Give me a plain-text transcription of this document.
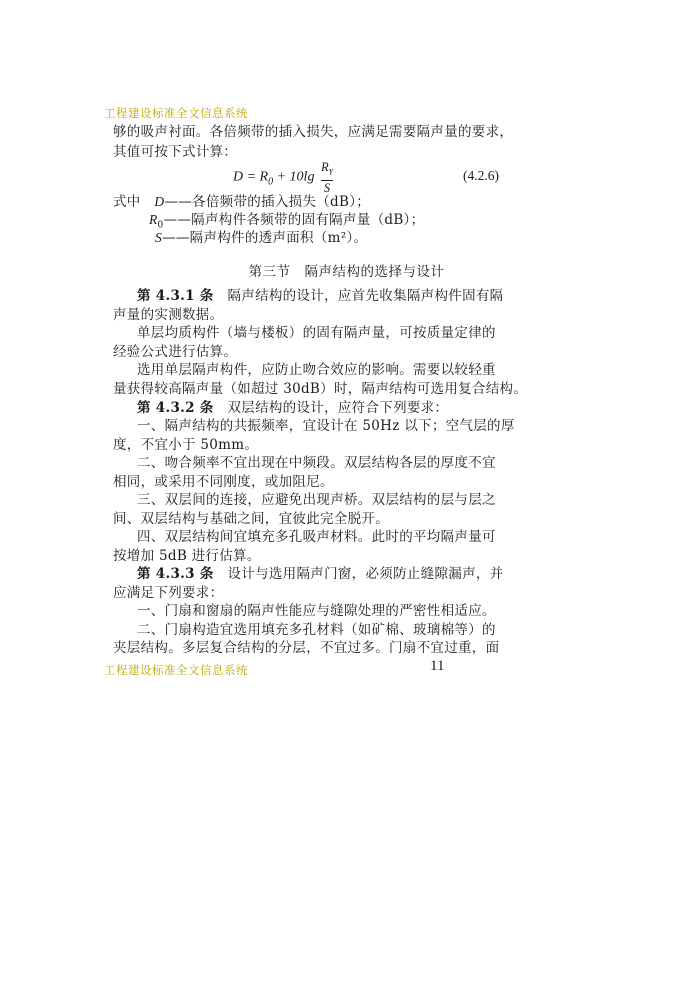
工程建设标准全文信息系统
够的吸声衬面。各倍频带的插入损失，应满足需要隔声量的要求，
其值可按下式计算：
$D = R_0 + 10\lg \frac{R_Y}{S}$	(4.2.6)
式中 D——各倍频带的插入损失（dB）；
$R_0——$隔声构件各频带的固有隔声量（dB）；
S——隔声构件的透声面积（m²）。
第三节　隔声结构的选择与设计
第 4.3.1 条 隔声结构的设计，应首先收集隔声构件固有隔
声量的实测数据。
单层均质构件（墙与楼板）的固有隔声量，可按质量定律的
经验公式进行估算。
选用单层隔声构件，应防止吻合效应的影响。需要以较轻重
量获得较高隔声量（如超过 30dB）时，隔声结构可选用复合结构。
第 4.3.2 条 双层结构的设计，应符合下列要求：
一、隔声结构的共振频率，宜设计在 50Hz 以下；空气层的厚
度，不宜小于 50mm。
二、吻合频率不宜出现在中频段。双层结构各层的厚度不宜
相同，或采用不同刚度，或加阻尼。
三、双层间的连接，应避免出现声桥。双层结构的层与层之
间、双层结构与基础之间，宜彼此完全脱开。
四、双层结构间宜填充多孔吸声材料。此时的平均隔声量可
按增加 5dB 进行估算。
第 4.3.3 条 设计与选用隔声门窗，必须防止缝隙漏声，并
应满足下列要求：
一、门扇和窗扇的隔声性能应与缝隙处理的严密性相适应。
二、门扇构造宜选用填充多孔材料（如矿棉、玻璃棉等）的
夹层结构。多层复合结构的分层，不宜过多。门扇不宜过重，面
11
工程建设标准全文信息系统
